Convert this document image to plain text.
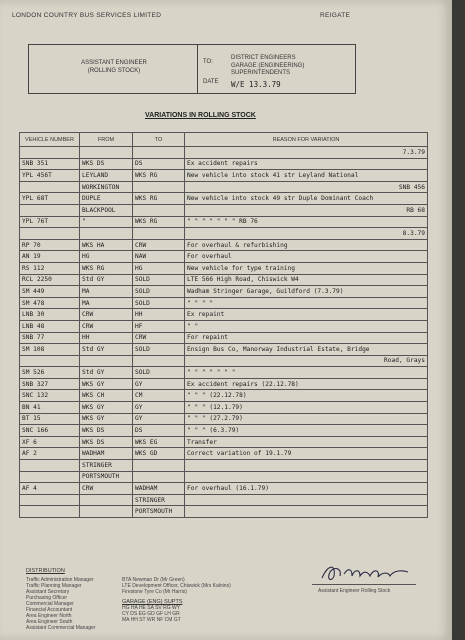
LONDON COUNTRY BUS SERVICES LIMITED	REIGATE
ASSISTANT ENGINEER
(ROLLING STOCK)
TO:
DISTRICT ENGINEERS
GARAGE (ENGINEERING)
SUPERINTENDENTS
DATE W/E 13.3.79
VARIATIONS IN ROLLING STOCK
VEHICLE NUMBER	FROM	TO	REASON FOR VARIATION
			7.3.79
SNB 351	WKS DS	DS	Ex accident repairs
YPL 456T	LEYLAND	WKS RG	New vehicle into stock 41 str Leyland National
	WORKINGTON		SNB 456
YPL 68T	DUPLE	WKS RG	New vehicle into stock 49 str Duple Dominant Coach
	BLACKPOOL		RB 68
YPL 76T	"	WKS RG	" " " " " " " RB 76
			8.3.79
RP 70	WKS HA	CRW	For overhaul & refurbishing
AN 19	HG	NAW	For overhaul
RS 112	WKS RG	HG	New vehicle for type training
RCL 2250	Std GY	SOLD	LTE 566 High Road, Chiswick W4
SM 449	MA	SOLD	Wadham Stringer Garage, Guildford (7.3.79)
SM 478	MA	SOLD	" " " "
LNB 30	CRW	HH	Ex repaint
LNB 48	CRW	HF	" "
SNB 77	HH	CRW	For repaint
SM 108	Std GY	SOLD	Ensign Bus Co, Manorway Industrial Estate, Bridge
			Road, Grays
SM 526	Std GY	SOLD	" " " " " " "
SNB 327	WKS GY	GY	Ex accident repairs (22.12.78)
SNC 132	WKS CH	CM	" " " (22.12.78)
BN 41	WKS GY	GY	" " " (12.1.79)
BT 15	WKS GY	GY	" " " (27.2.79)
SNC 166	WKS DS	DS	" " " (6.3.79)
XF 6	WKS DS	WKS EG	Transfer
AF 2	WADHAM	WKS GD	Correct variation of 19.1.79
	STRINGER		
	PORTSMOUTH		
AF 4	CRW	WADHAM	For overhaul (16.1.79)
		STRINGER	
		PORTSMOUTH	
DISTRIBUTION
Traffic Administration Manager
Traffic Planning Manager
Assistant Secretary
Purchasing Officer
Commercial Manager
Financial Accountant
Area Engineer North
Area Engineer South
Assistant Commercial Manager
BTA Newman Dr (Mr Green)
LTE Development Officer, Chiswick (Mrs Kalnins)
Firestone Tyre Co (Mr Harris)
GARAGE (ENG) SUPTS
HG HA HE SA SV RG WY
CY DS EG GD GF LH GR
MA HH ST WR NF CM GT
Assistant Engineer Rolling Stock
